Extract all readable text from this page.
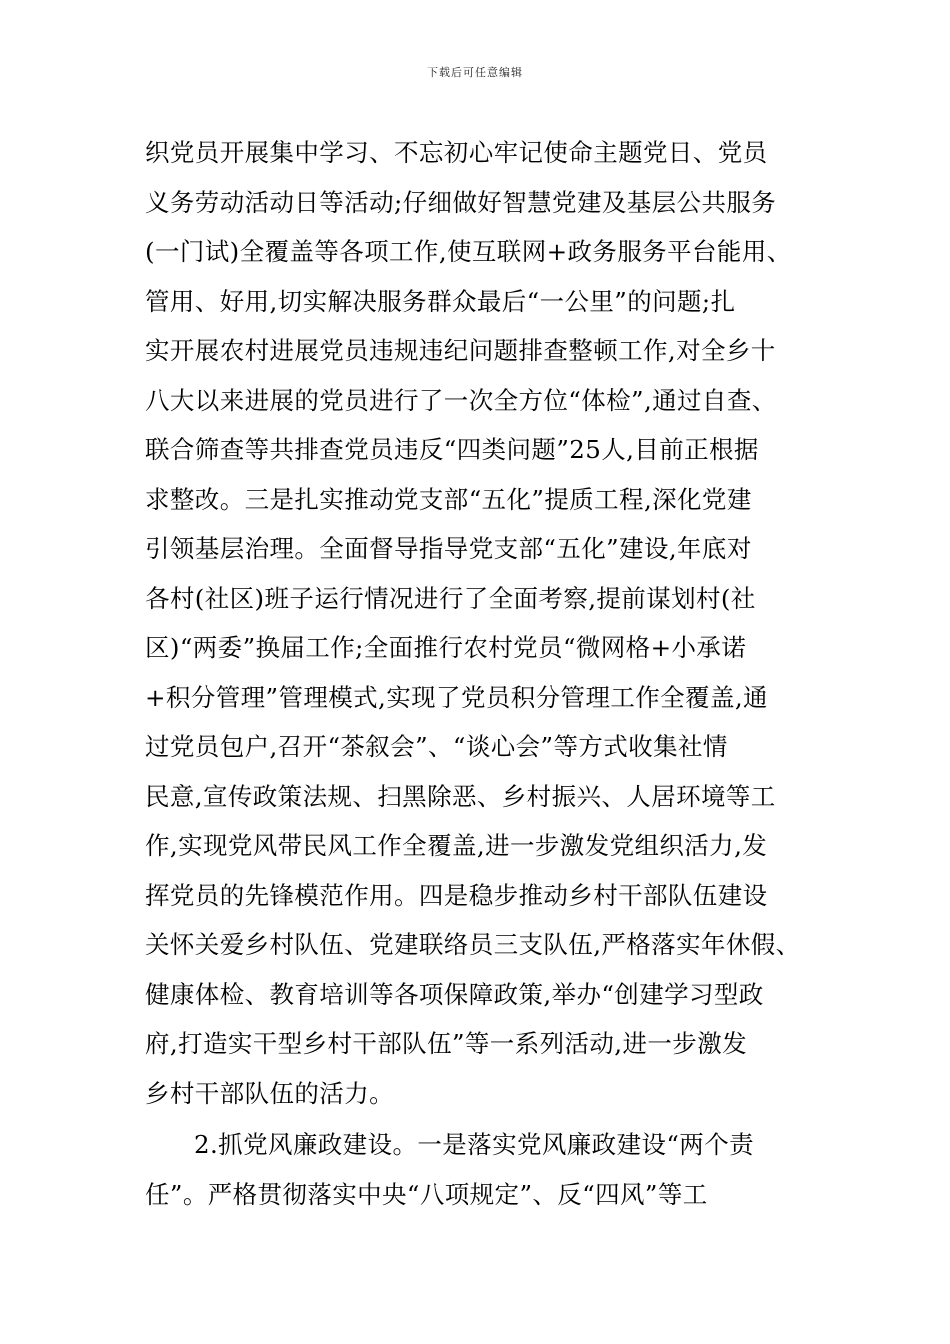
下载后可任意编辑
织党员开展集中学习、不忘初心牢记使命主题党日、党员
义务劳动活动日等活动;仔细做好智慧党建及基层公共服务
(一门试)全覆盖等各项工作,使互联网+政务服务平台能用、
管用、好用,切实解决服务群众最后“一公里”的问题;扎
实开展农村进展党员违规违纪问题排查整顿工作,对全乡十
八大以来进展的党员进行了一次全方位“体检”,通过自查、
联合筛查等共排查党员违反“四类问题”25人,目前正根据
求整改。三是扎实推动党支部“五化”提质工程,深化党建
引领基层治理。全面督导指导党支部“五化”建设,年底对
各村(社区)班子运行情况进行了全面考察,提前谋划村(社
区)“两委”换届工作;全面推行农村党员“微网格+小承诺
+积分管理”管理模式,实现了党员积分管理工作全覆盖,通
过党员包户,召开“茶叙会”、“谈心会”等方式收集社情
民意,宣传政策法规、扫黑除恶、乡村振兴、人居环境等工
作,实现党风带民风工作全覆盖,进一步激发党组织活力,发
挥党员的先锋模范作用。四是稳步推动乡村干部队伍建设
关怀关爱乡村队伍、党建联络员三支队伍,严格落实年休假、
健康体检、教育培训等各项保障政策,举办“创建学习型政
府,打造实干型乡村干部队伍”等一系列活动,进一步激发
乡村干部队伍的活力。
2.抓党风廉政建设。一是落实党风廉政建设“两个责
任”。严格贯彻落实中央“八项规定”、反“四风”等工
